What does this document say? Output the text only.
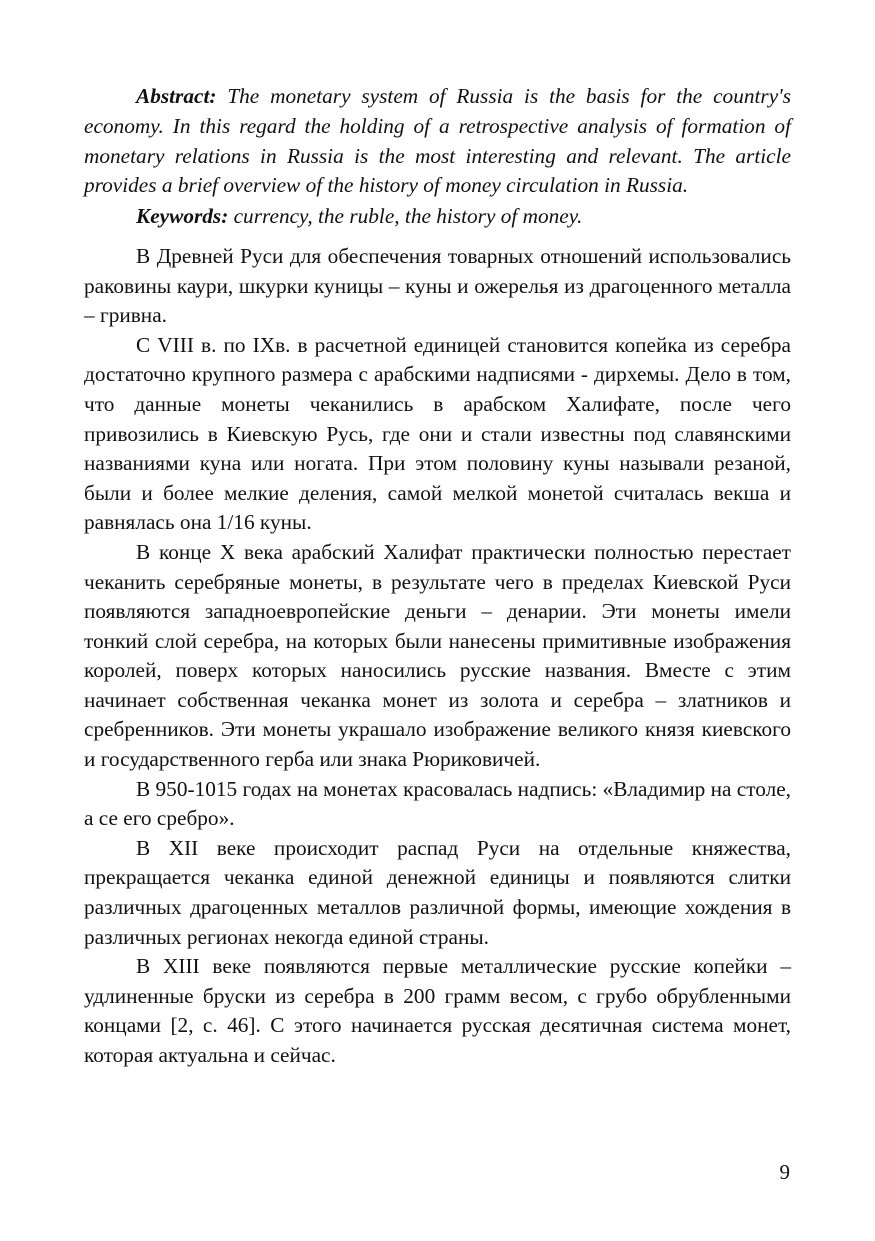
Abstract: The monetary system of Russia is the basis for the country's economy. In this regard the holding of a retrospective analysis of formation of monetary relations in Russia is the most interesting and relevant. The article provides a brief overview of the history of money circulation in Russia.

Keywords: currency, the ruble, the history of money.

В Древней Руси для обеспечения товарных отношений использовались раковины каури, шкурки куницы – куны и ожерелья из драгоценного металла – гривна.

С VIII в. по IXв. в расчетной единицей становится копейка из серебра достаточно крупного размера с арабскими надписями - дирхемы. Дело в том, что данные монеты чеканились в арабском Халифате, после чего привозились в Киевскую Русь, где они и стали известны под славянскими названиями куна или ногата. При этом половину куны называли резаной, были и более мелкие деления, самой мелкой монетой считалась векша и равнялась она 1/16 куны.

В конце X века арабский Халифат практически полностью перестает чеканить серебряные монеты, в результате чего в пределах Киевской Руси появляются западноевропейские деньги – денарии. Эти монеты имели тонкий слой серебра, на которых были нанесены примитивные изображения королей, поверх которых наносились русские названия. Вместе с этим начинает собственная чеканка монет из золота и серебра – златников и сребренников. Эти монеты украшало изображение великого князя киевского и государственного герба или знака Рюриковичей.

В 950-1015 годах на монетах красовалась надпись: «Владимир на столе, а се его сребро».

В XII веке происходит распад Руси на отдельные княжества, прекращается чеканка единой денежной единицы и появляются слитки различных драгоценных металлов различной формы, имеющие хождения в различных регионах некогда единой страны.

В XIII веке появляются первые металлические русские копейки – удлиненные бруски из серебра в 200 грамм весом, с грубо обрубленными концами [2, с. 46]. С этого начинается русская десятичная система монет, которая актуальна и сейчас.

9
